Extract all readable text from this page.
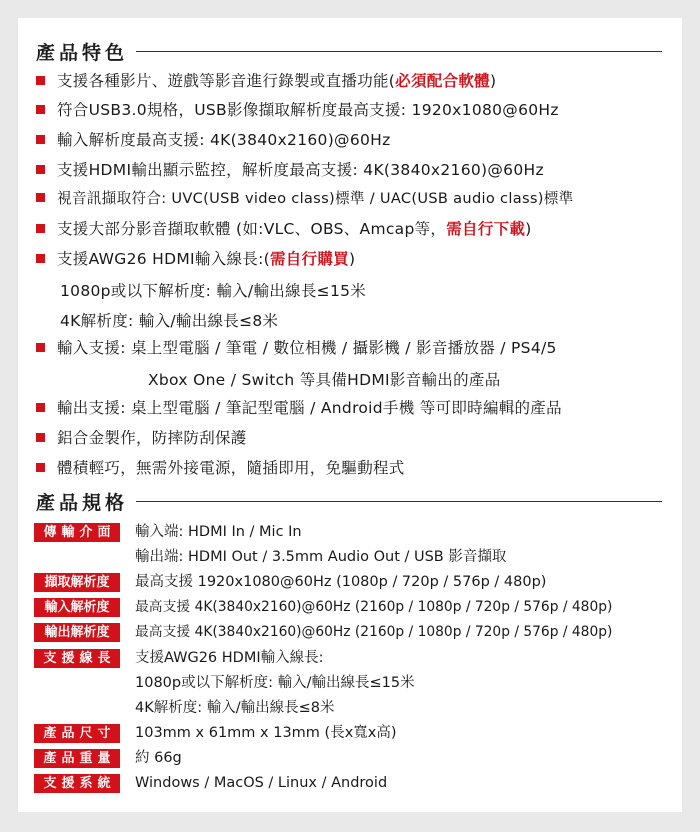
產品特色
支援各種影片、遊戲等影音進行錄製或直播功能(必須配合軟體)
符合USB3.0規格，USB影像擷取解析度最高支援: 1920x1080@60Hz
輸入解析度最高支援: 4K(3840x2160)@60Hz
支援HDMI輸出顯示監控，解析度最高支援: 4K(3840x2160)@60Hz
視音訊擷取符合: UVC(USB video class)標準 / UAC(USB audio class)標準
支援大部分影音擷取軟體 (如:VLC、OBS、Amcap等，需自行下載)
支援AWG26 HDMI輸入線長:(需自行購買)
1080p或以下解析度: 輸入/輸出線長≤15米
4K解析度: 輸入/輸出線長≤8米
輸入支援: 桌上型電腦 / 筆電 / 數位相機 / 攝影機 / 影音播放器 / PS4/5
Xbox One / Switch 等具備HDMI影音輸出的產品
輸出支援: 桌上型電腦 / 筆記型電腦 / Android手機 等可即時編輯的產品
鋁合金製作，防摔防刮保護
體積輕巧，無需外接電源，隨插即用，免驅動程式
產品規格
傳輸介面	輸入端: HDMI In / Mic In
輸出端: HDMI Out / 3.5mm Audio Out / USB 影音擷取
擷取解析度	最高支援 1920x1080@60Hz (1080p / 720p / 576p / 480p)
輸入解析度	最高支援 4K(3840x2160)@60Hz (2160p / 1080p / 720p / 576p / 480p)
輸出解析度	最高支援 4K(3840x2160)@60Hz (2160p / 1080p / 720p / 576p / 480p)
支援線長	支援AWG26 HDMI輸入線長:
1080p或以下解析度: 輸入/輸出線長≤15米
4K解析度: 輸入/輸出線長≤8米
產品尺寸	103mm x 61mm x 13mm (長x寬x高)
產品重量	約 66g
支援系統	Windows / MacOS / Linux / Android
